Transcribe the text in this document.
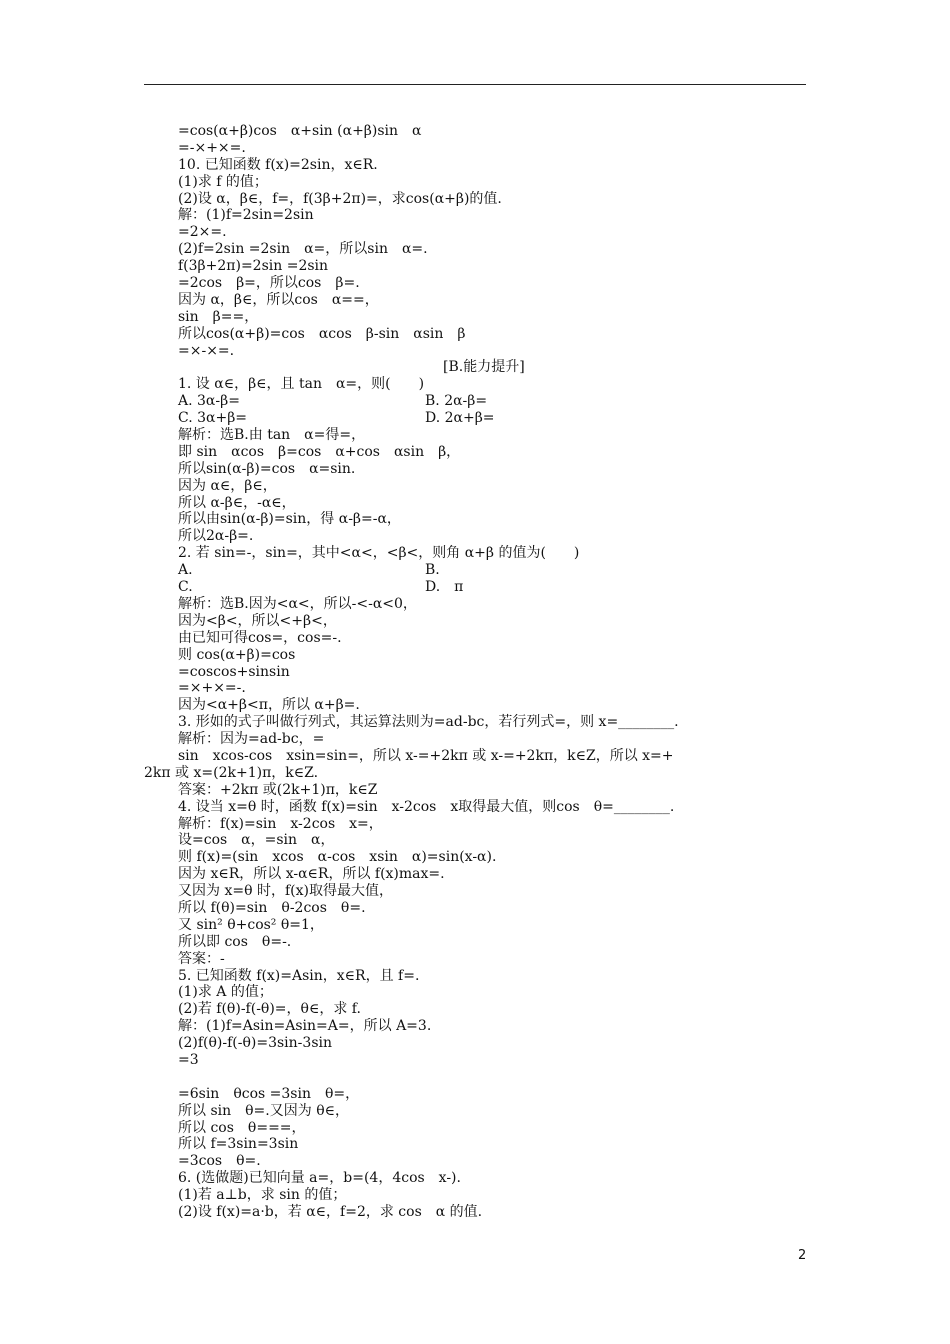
=cos(α+β)cos　α+sin (α+β)sin　α
=-×+×=.
10. 已知函数 f(x)=2sin，x∈R.
(1)求 f 的值；
(2)设 α，β∈，f=，f(3β+2π)=，求cos(α+β)的值.
解：(1)f=2sin=2sin
=2×=.
(2)f=2sin =2sin　α=，所以sin　α=.
f(3β+2π)=2sin =2sin
=2cos　β=，所以cos　β=.
因为 α，β∈，所以cos　α==，
sin　β==，
所以cos(α+β)=cos　αcos　β-sin　αsin　β
=×-×=.
[B.能力提升]
1. 设 α∈，β∈，且 tan　α=，则(　　)
A. 3α-β=	B. 2α-β=
C. 3α+β=	D. 2α+β=
解析：选B.由 tan　α=得=，
即 sin　αcos　β=cos　α+cos　αsin　β，
所以sin(α-β)=cos　α=sin.
因为 α∈，β∈，
所以 α-β∈，-α∈，
所以由sin(α-β)=sin，得 α-β=-α，
所以2α-β=.
2. 若 sin=-，sin=，其中<α<，<β<，则角 α+β 的值为(　　)
A.	B.
C.	D.　π
解析：选B.因为<α<，所以-<-α<0，
因为<β<，所以<+β<，
由已知可得cos=，cos=-.
则 cos(α+β)=cos
=coscos+sinsin
=×+×=-.
因为<α+β<π，所以 α+β=.
3. 形如的式子叫做行列式，其运算法则为=ad-bc，若行列式=，则 x=________.
解析：因为=ad-bc，=
sin　xcos-cos　xsin=sin=，所以 x-=+2kπ 或 x-=+2kπ，k∈Z，所以 x=+
2kπ 或 x=(2k+1)π，k∈Z.
答案：+2kπ 或(2k+1)π，k∈Z
4. 设当 x=θ 时，函数 f(x)=sin　x-2cos　x取得最大值，则cos　θ=________.
解析：f(x)=sin　x-2cos　x=，
设=cos　α，=sin　α，
则 f(x)=(sin　xcos　α-cos　xsin　α)=sin(x-α).
因为 x∈R，所以 x-α∈R，所以 f(x)max=.
又因为 x=θ 时，f(x)取得最大值，
所以 f(θ)=sin　θ-2cos　θ=.
又 sin² θ+cos² θ=1，
所以即 cos　θ=-.
答案：-
5. 已知函数 f(x)=Asin，x∈R，且 f=.
(1)求 A 的值；
(2)若 f(θ)-f(-θ)=，θ∈，求 f.
解：(1)f=Asin=Asin=A=，所以 A=3.
(2)f(θ)-f(-θ)=3sin-3sin
=3
=6sin　θcos =3sin　θ=，
所以 sin　θ=.又因为 θ∈，
所以 cos　θ===，
所以 f=3sin=3sin
=3cos　θ=.
6. (选做题)已知向量 a=，b=(4，4cos　x-).
(1)若 a⊥b，求 sin 的值；
(2)设 f(x)=a·b，若 α∈，f=2，求 cos　α 的值.
2
